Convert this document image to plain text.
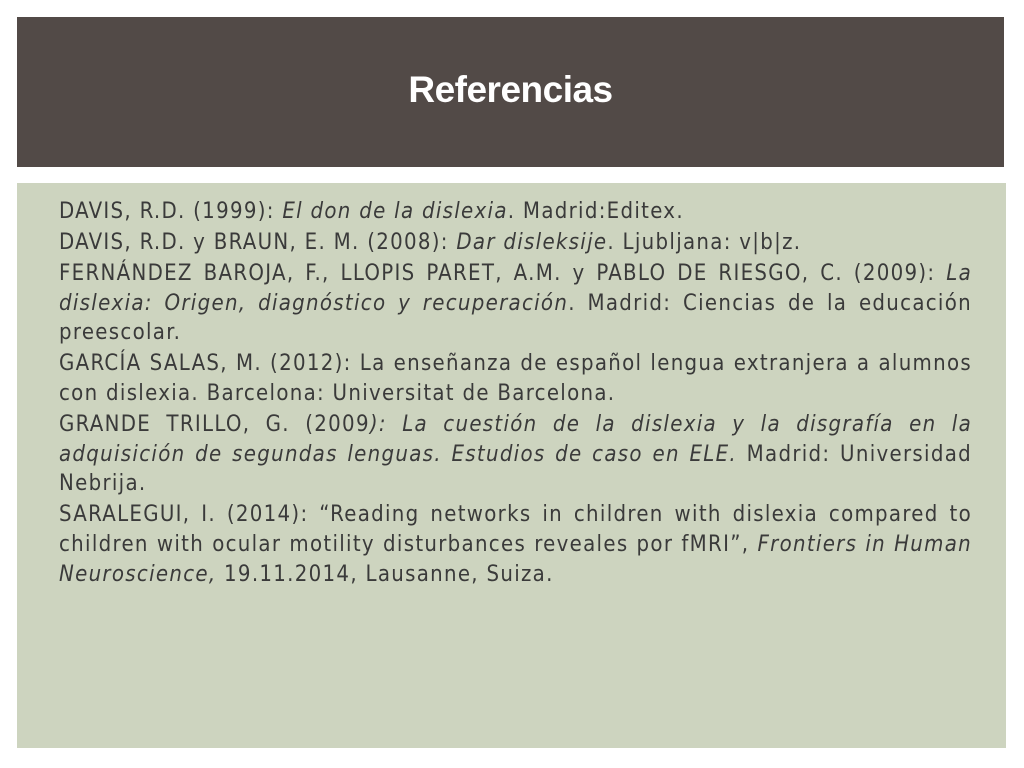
Referencias
DAVIS, R.D. (1999): El don de la dislexia. Madrid:Editex.
DAVIS, R.D. y BRAUN, E. M. (2008): Dar disleksije. Ljubljana: v|b|z.
FERNÁNDEZ BAROJA, F., LLOPIS PARET, A.M. y PABLO DE RIESGO, C. (2009): La dislexia: Origen, diagnóstico y recuperación. Madrid: Ciencias de la educación preescolar.
GARCÍA SALAS, M. (2012): La enseñanza de español lengua extranjera a alumnos con dislexia. Barcelona: Universitat de Barcelona.
GRANDE TRILLO, G. (2009): La cuestión de la dislexia y la disgrafía en la adquisición de segundas lenguas. Estudios de caso en ELE. Madrid: Universidad Nebrija.
SARALEGUI, I. (2014): “Reading networks in children with dislexia compared to children with ocular motility disturbances reveales por fMRI”, Frontiers in Human Neuroscience, 19.11.2014, Lausanne, Suiza.
